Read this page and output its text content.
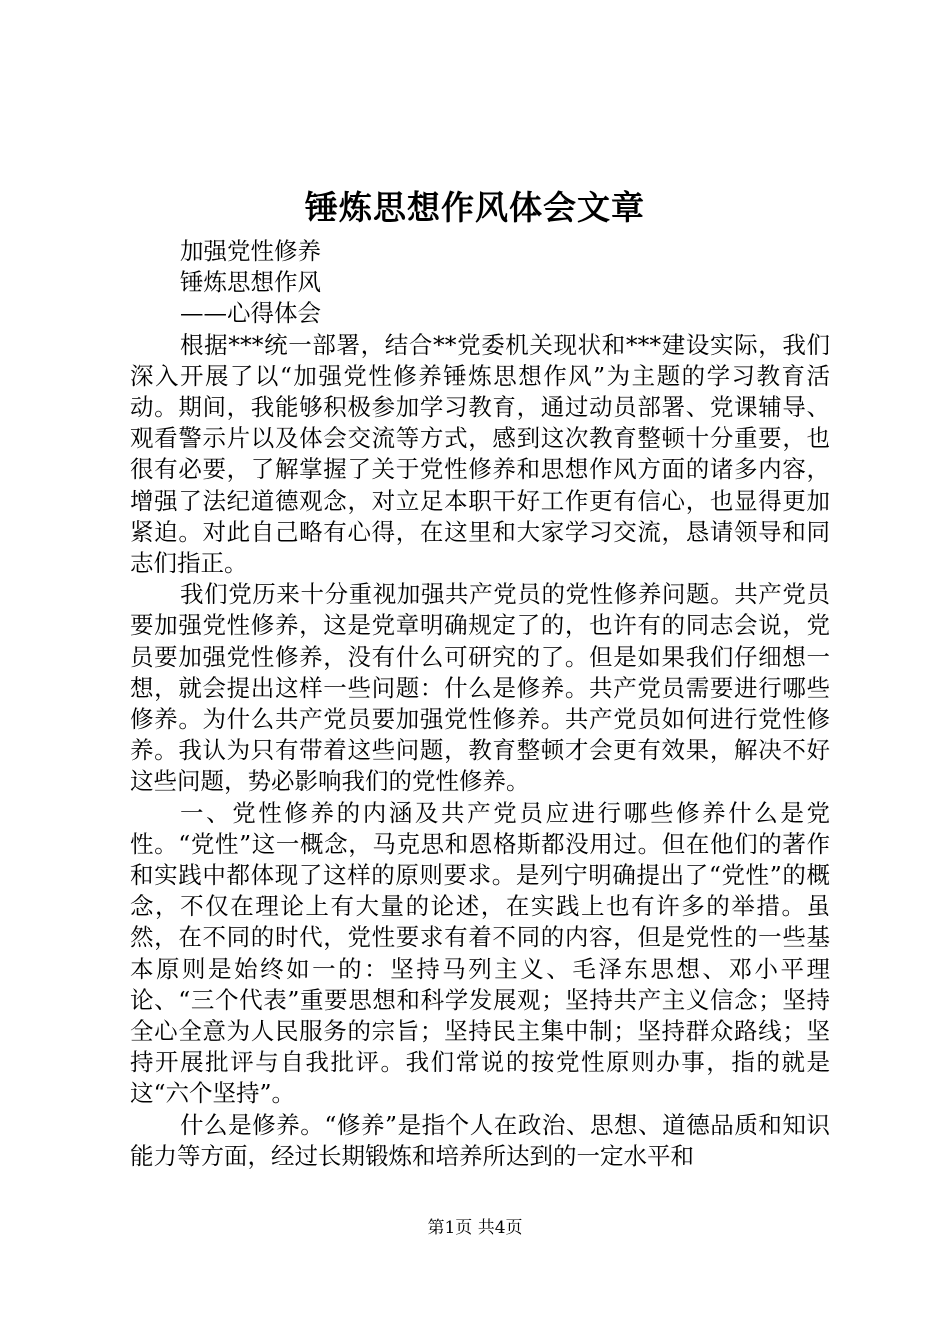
锤炼思想作风体会文章

加强党性修养

锤炼思想作风

——心得体会

根据***统一部署，结合**党委机关现状和***建设实际，我们深入开展了以“加强党性修养锤炼思想作风”为主题的学习教育活动。期间，我能够积极参加学习教育，通过动员部署、党课辅导、观看警示片以及体会交流等方式，感到这次教育整顿十分重要，也很有必要，了解掌握了关于党性修养和思想作风方面的诸多内容，增强了法纪道德观念，对立足本职干好工作更有信心，也显得更加紧迫。对此自己略有心得，在这里和大家学习交流，恳请领导和同志们指正。

我们党历来十分重视加强共产党员的党性修养问题。共产党员要加强党性修养，这是党章明确规定了的，也许有的同志会说，党员要加强党性修养，没有什么可研究的了。但是如果我们仔细想一想，就会提出这样一些问题：什么是修养。共产党员需要进行哪些修养。为什么共产党员要加强党性修养。共产党员如何进行党性修养。我认为只有带着这些问题，教育整顿才会更有效果，解决不好这些问题，势必影响我们的党性修养。

一、党性修养的内涵及共产党员应进行哪些修养什么是党性。“党性”这一概念，马克思和恩格斯都没用过。但在他们的著作和实践中都体现了这样的原则要求。是列宁明确提出了“党性”的概念，不仅在理论上有大量的论述，在实践上也有许多的举措。虽然，在不同的时代，党性要求有着不同的内容，但是党性的一些基本原则是始终如一的：坚持马列主义、毛泽东思想、邓小平理论、“三个代表”重要思想和科学发展观；坚持共产主义信念；坚持全心全意为人民服务的宗旨；坚持民主集中制；坚持群众路线；坚持开展批评与自我批评。我们常说的按党性原则办事，指的就是这“六个坚持”。

什么是修养。“修养”是指个人在政治、思想、道德品质和知识能力等方面，经过长期锻炼和培养所达到的一定水平和

第1页 共4页
